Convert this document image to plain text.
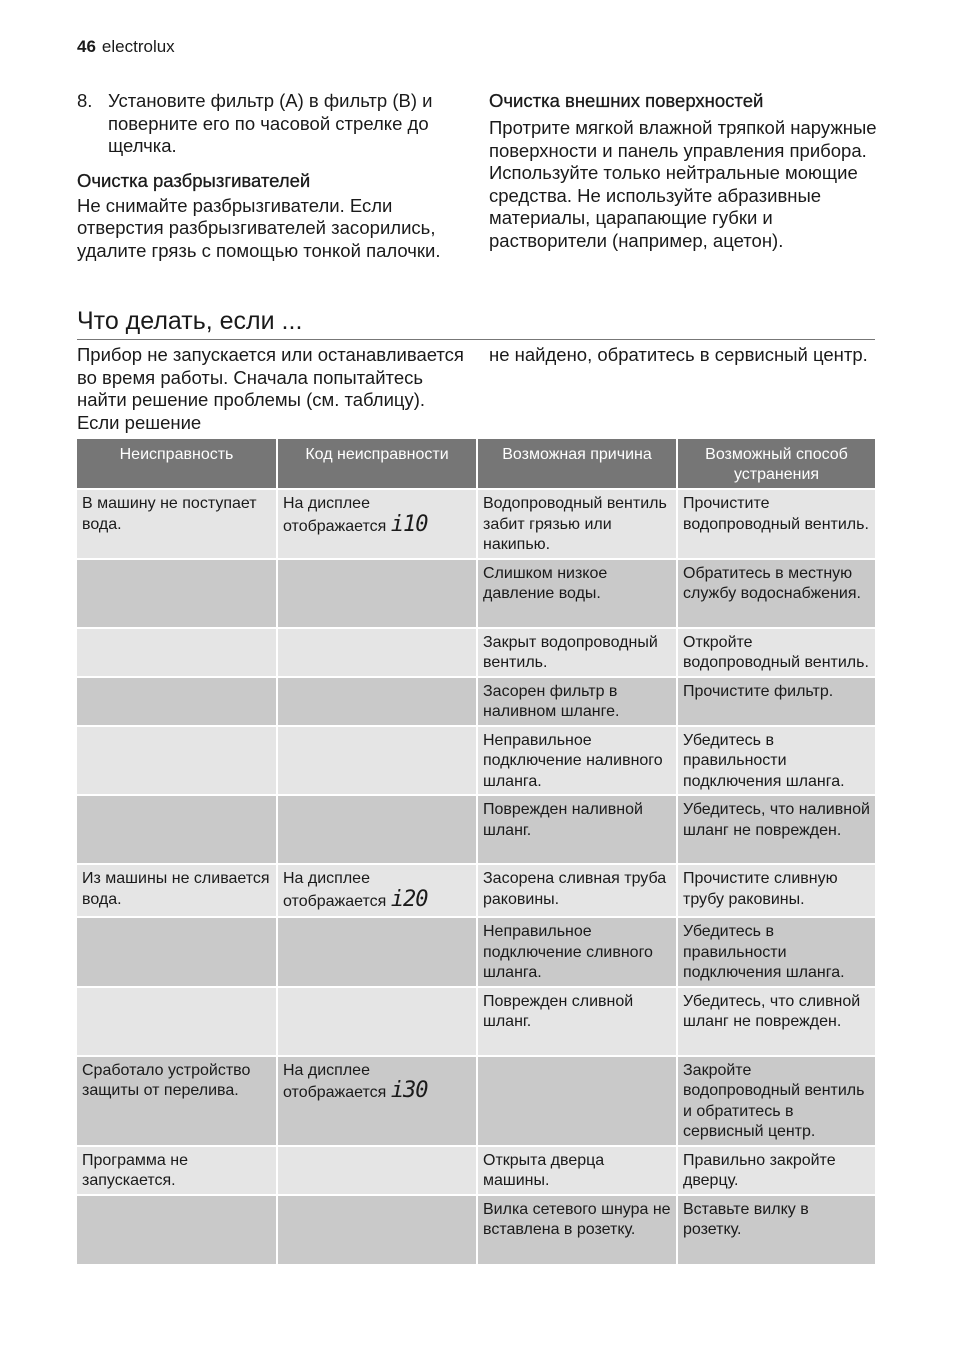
46 electrolux
8. Установите фильтр (A) в фильтр (B) и поверните его по часовой стрелке до щелчка.
Очистка разбрызгивателей

Не снимайте разбрызгиватели. Если отверстия разбрызгивателей засорились, удалите грязь с помощью тонкой палочки.

Очистка внешних поверхностей

Протрите мягкой влажной тряпкой наружные поверхности и панель управления прибора. Используйте только нейтральные моющие средства. Не используйте абразивные материалы, царапающие губки и растворители (например, ацетон).

Что делать, если ...

Прибор не запускается или останавливается во время работы. Сначала попытайтесь найти решение проблемы (см. таблицу). Если решение

не найдено, обратитесь в сервисный центр.

Неисправность	Код неисправности	Возможная причина	Возможный способ устранения
В машину не поступает вода.	На дисплее отображается i10	Водопроводный вентиль забит грязью или накипью.	Прочистите водопроводный вентиль.
		Слишком низкое давление воды.	Обратитесь в местную службу водоснабжения.
		Закрыт водопроводный вентиль.	Откройте водопроводный вентиль.
		Засорен фильтр в наливном шланге.	Прочистите фильтр.
		Неправильное подключение наливного шланга.	Убедитесь в правильности подключения шланга.
		Поврежден наливной шланг.	Убедитесь, что наливной шланг не поврежден.
Из машины не сливается вода.	На дисплее отображается i20	Засорена сливная труба раковины.	Прочистите сливную трубу раковины.
		Неправильное подключение сливного шланга.	Убедитесь в правильности подключения шланга.
		Поврежден сливной шланг.	Убедитесь, что сливной шланг не поврежден.
Сработало устройство защиты от перелива.	На дисплее отображается i30		Закройте водопроводный вентиль и обратитесь в сервисный центр.
Программа не запускается.		Открыта дверца машины.	Правильно закройте дверцу.
		Вилка сетевого шнура не вставлена в розетку.	Вставьте вилку в розетку.
